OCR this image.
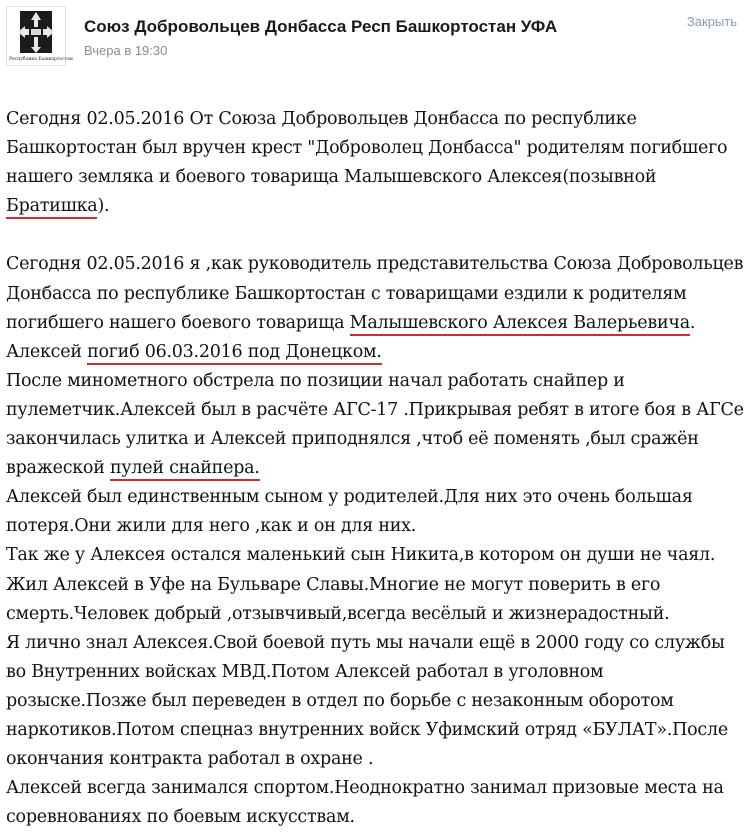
Республика Башкортостан
Союз Добровольцев Донбасса Респ Башкортостан УФА
Вчера в 19:30
Закрыть
Сегодня 02.05.2016 От Союза Добровольцев Донбасса по республике
Башкортостан был вручен крест "Доброволец Донбасса" родителям погибшего
нашего земляка и боевого товарища Малышевского Алексея(позывной
Братишка).
Сегодня 02.05.2016 я ,как руководитель представительства Союза Добровольцев
Донбасса по республике Башкортостан с товарищами ездили к родителям
погибшего нашего боевого товарища Малышевского Алексея Валерьевича.
Алексей погиб 06.03.2016 под Донецком.
После минометного обстрела по позиции начал работать снайпер и
пулеметчик.Алексей был в расчёте АГС-17 .Прикрывая ребят в итоге боя в АГСе
закончилась улитка и Алексей приподнялся ,чтоб её поменять ,был сражён
вражеской пулей снайпера.
Алексей был единственным сыном у родителей.Для них это очень большая
потеря.Они жили для него ,как и он для них.
Так же у Алексея остался маленький сын Никита,в котором он души не чаял.
Жил Алексей в Уфе на Бульваре Славы.Многие не могут поверить в его
смерть.Человек добрый ,отзывчивый,всегда весёлый и жизнерадостный.
Я лично знал Алексея.Свой боевой путь мы начали ещё в 2000 году со службы
во Внутренних войсках МВД.Потом Алексей работал в уголовном
розыске.Позже был переведен в отдел по борьбе с незаконным оборотом
наркотиков.Потом спецназ внутренних войск Уфимский отряд «БУЛАТ».После
окончания контракта работал в охране .
Алексей всегда занимался спортом.Неоднократно занимал призовые места на
соревнованиях по боевым искусствам.
